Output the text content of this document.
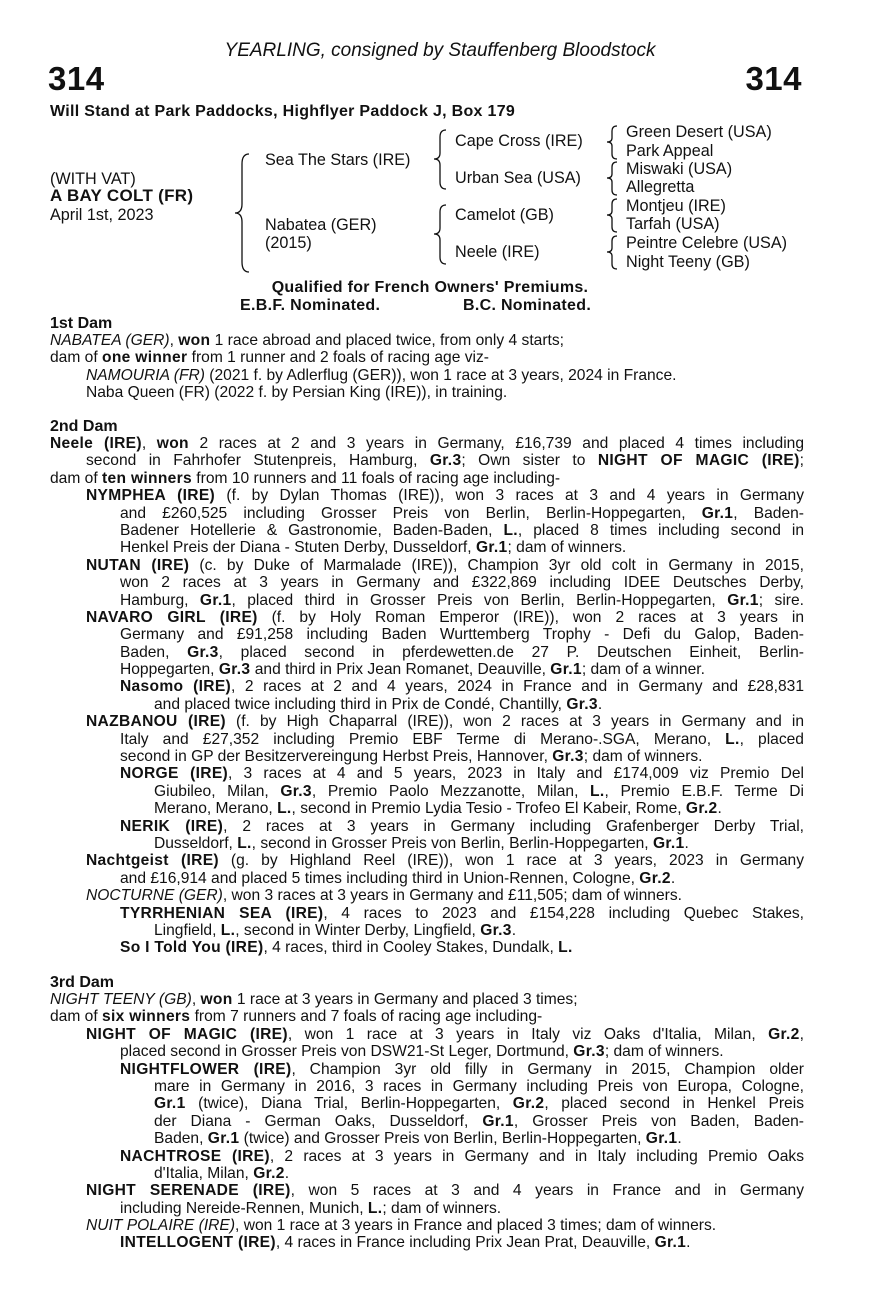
YEARLING, consigned by Stauffenberg Bloodstock
314	314
Will Stand at Park Paddocks, Highflyer Paddock J, Box 179
(WITH VAT)
A BAY COLT (FR)
April 1st, 2023
Sea The Stars (IRE)
Nabatea (GER)
(2015)
Cape Cross (IRE)
Urban Sea (USA)
Camelot (GB)
Neele (IRE)
Green Desert (USA)
Park Appeal
Miswaki (USA)
Allegretta
Montjeu (IRE)
Tarfah (USA)
Peintre Celebre (USA)
Night Teeny (GB)
Qualified for French Owners' Premiums.
E.B.F. Nominated.	B.C. Nominated.
1st Dam
NABATEA (GER), won 1 race abroad and placed twice, from only 4 starts;
dam of one winner from 1 runner and 2 foals of racing age viz-
NAMOURIA (FR) (2021 f. by Adlerflug (GER)), won 1 race at 3 years, 2024 in France.
Naba Queen (FR) (2022 f. by Persian King (IRE)), in training.
2nd Dam
Neele (IRE), won 2 races at 2 and 3 years in Germany, £16,739 and placed 4 times including
second in Fahrhofer Stutenpreis, Hamburg, Gr.3; Own sister to NIGHT OF MAGIC (IRE);
dam of ten winners from 10 runners and 11 foals of racing age including-
NYMPHEA (IRE) (f. by Dylan Thomas (IRE)), won 3 races at 3 and 4 years in Germany
and £260,525 including Grosser Preis von Berlin, Berlin-Hoppegarten, Gr.1, Baden-
Badener Hotellerie & Gastronomie, Baden-Baden, L., placed 8 times including second in
Henkel Preis der Diana - Stuten Derby, Dusseldorf, Gr.1; dam of winners.
NUTAN (IRE) (c. by Duke of Marmalade (IRE)), Champion 3yr old colt in Germany in 2015,
won 2 races at 3 years in Germany and £322,869 including IDEE Deutsches Derby,
Hamburg, Gr.1, placed third in Grosser Preis von Berlin, Berlin-Hoppegarten, Gr.1; sire.
NAVARO GIRL (IRE) (f. by Holy Roman Emperor (IRE)), won 2 races at 3 years in
Germany and £91,258 including Baden Wurttemberg Trophy - Defi du Galop, Baden-
Baden, Gr.3, placed second in pferdewetten.de 27 P. Deutschen Einheit, Berlin-
Hoppegarten, Gr.3 and third in Prix Jean Romanet, Deauville, Gr.1; dam of a winner.
Nasomo (IRE), 2 races at 2 and 4 years, 2024 in France and in Germany and £28,831
and placed twice including third in Prix de Condé, Chantilly, Gr.3.
NAZBANOU (IRE) (f. by High Chaparral (IRE)), won 2 races at 3 years in Germany and in
Italy and £27,352 including Premio EBF Terme di Merano-.SGA, Merano, L., placed
second in GP der Besitzervereingung Herbst Preis, Hannover, Gr.3; dam of winners.
NORGE (IRE), 3 races at 4 and 5 years, 2023 in Italy and £174,009 viz Premio Del
Giubileo, Milan, Gr.3, Premio Paolo Mezzanotte, Milan, L., Premio E.B.F. Terme Di
Merano, Merano, L., second in Premio Lydia Tesio - Trofeo El Kabeir, Rome, Gr.2.
NERIK (IRE), 2 races at 3 years in Germany including Grafenberger Derby Trial,
Dusseldorf, L., second in Grosser Preis von Berlin, Berlin-Hoppegarten, Gr.1.
Nachtgeist (IRE) (g. by Highland Reel (IRE)), won 1 race at 3 years, 2023 in Germany
and £16,914 and placed 5 times including third in Union-Rennen, Cologne, Gr.2.
NOCTURNE (GER), won 3 races at 3 years in Germany and £11,505; dam of winners.
TYRRHENIAN SEA (IRE), 4 races to 2023 and £154,228 including Quebec Stakes,
Lingfield, L., second in Winter Derby, Lingfield, Gr.3.
So I Told You (IRE), 4 races, third in Cooley Stakes, Dundalk, L.
3rd Dam
NIGHT TEENY (GB), won 1 race at 3 years in Germany and placed 3 times;
dam of six winners from 7 runners and 7 foals of racing age including-
NIGHT OF MAGIC (IRE), won 1 race at 3 years in Italy viz Oaks d'Italia, Milan, Gr.2,
placed second in Grosser Preis von DSW21-St Leger, Dortmund, Gr.3; dam of winners.
NIGHTFLOWER (IRE), Champion 3yr old filly in Germany in 2015, Champion older
mare in Germany in 2016, 3 races in Germany including Preis von Europa, Cologne,
Gr.1 (twice), Diana Trial, Berlin-Hoppegarten, Gr.2, placed second in Henkel Preis
der Diana - German Oaks, Dusseldorf, Gr.1, Grosser Preis von Baden, Baden-
Baden, Gr.1 (twice) and Grosser Preis von Berlin, Berlin-Hoppegarten, Gr.1.
NACHTROSE (IRE), 2 races at 3 years in Germany and in Italy including Premio Oaks
d'Italia, Milan, Gr.2.
NIGHT SERENADE (IRE), won 5 races at 3 and 4 years in France and in Germany
including Nereide-Rennen, Munich, L.; dam of winners.
NUIT POLAIRE (IRE), won 1 race at 3 years in France and placed 3 times; dam of winners.
INTELLOGENT (IRE), 4 races in France including Prix Jean Prat, Deauville, Gr.1.
